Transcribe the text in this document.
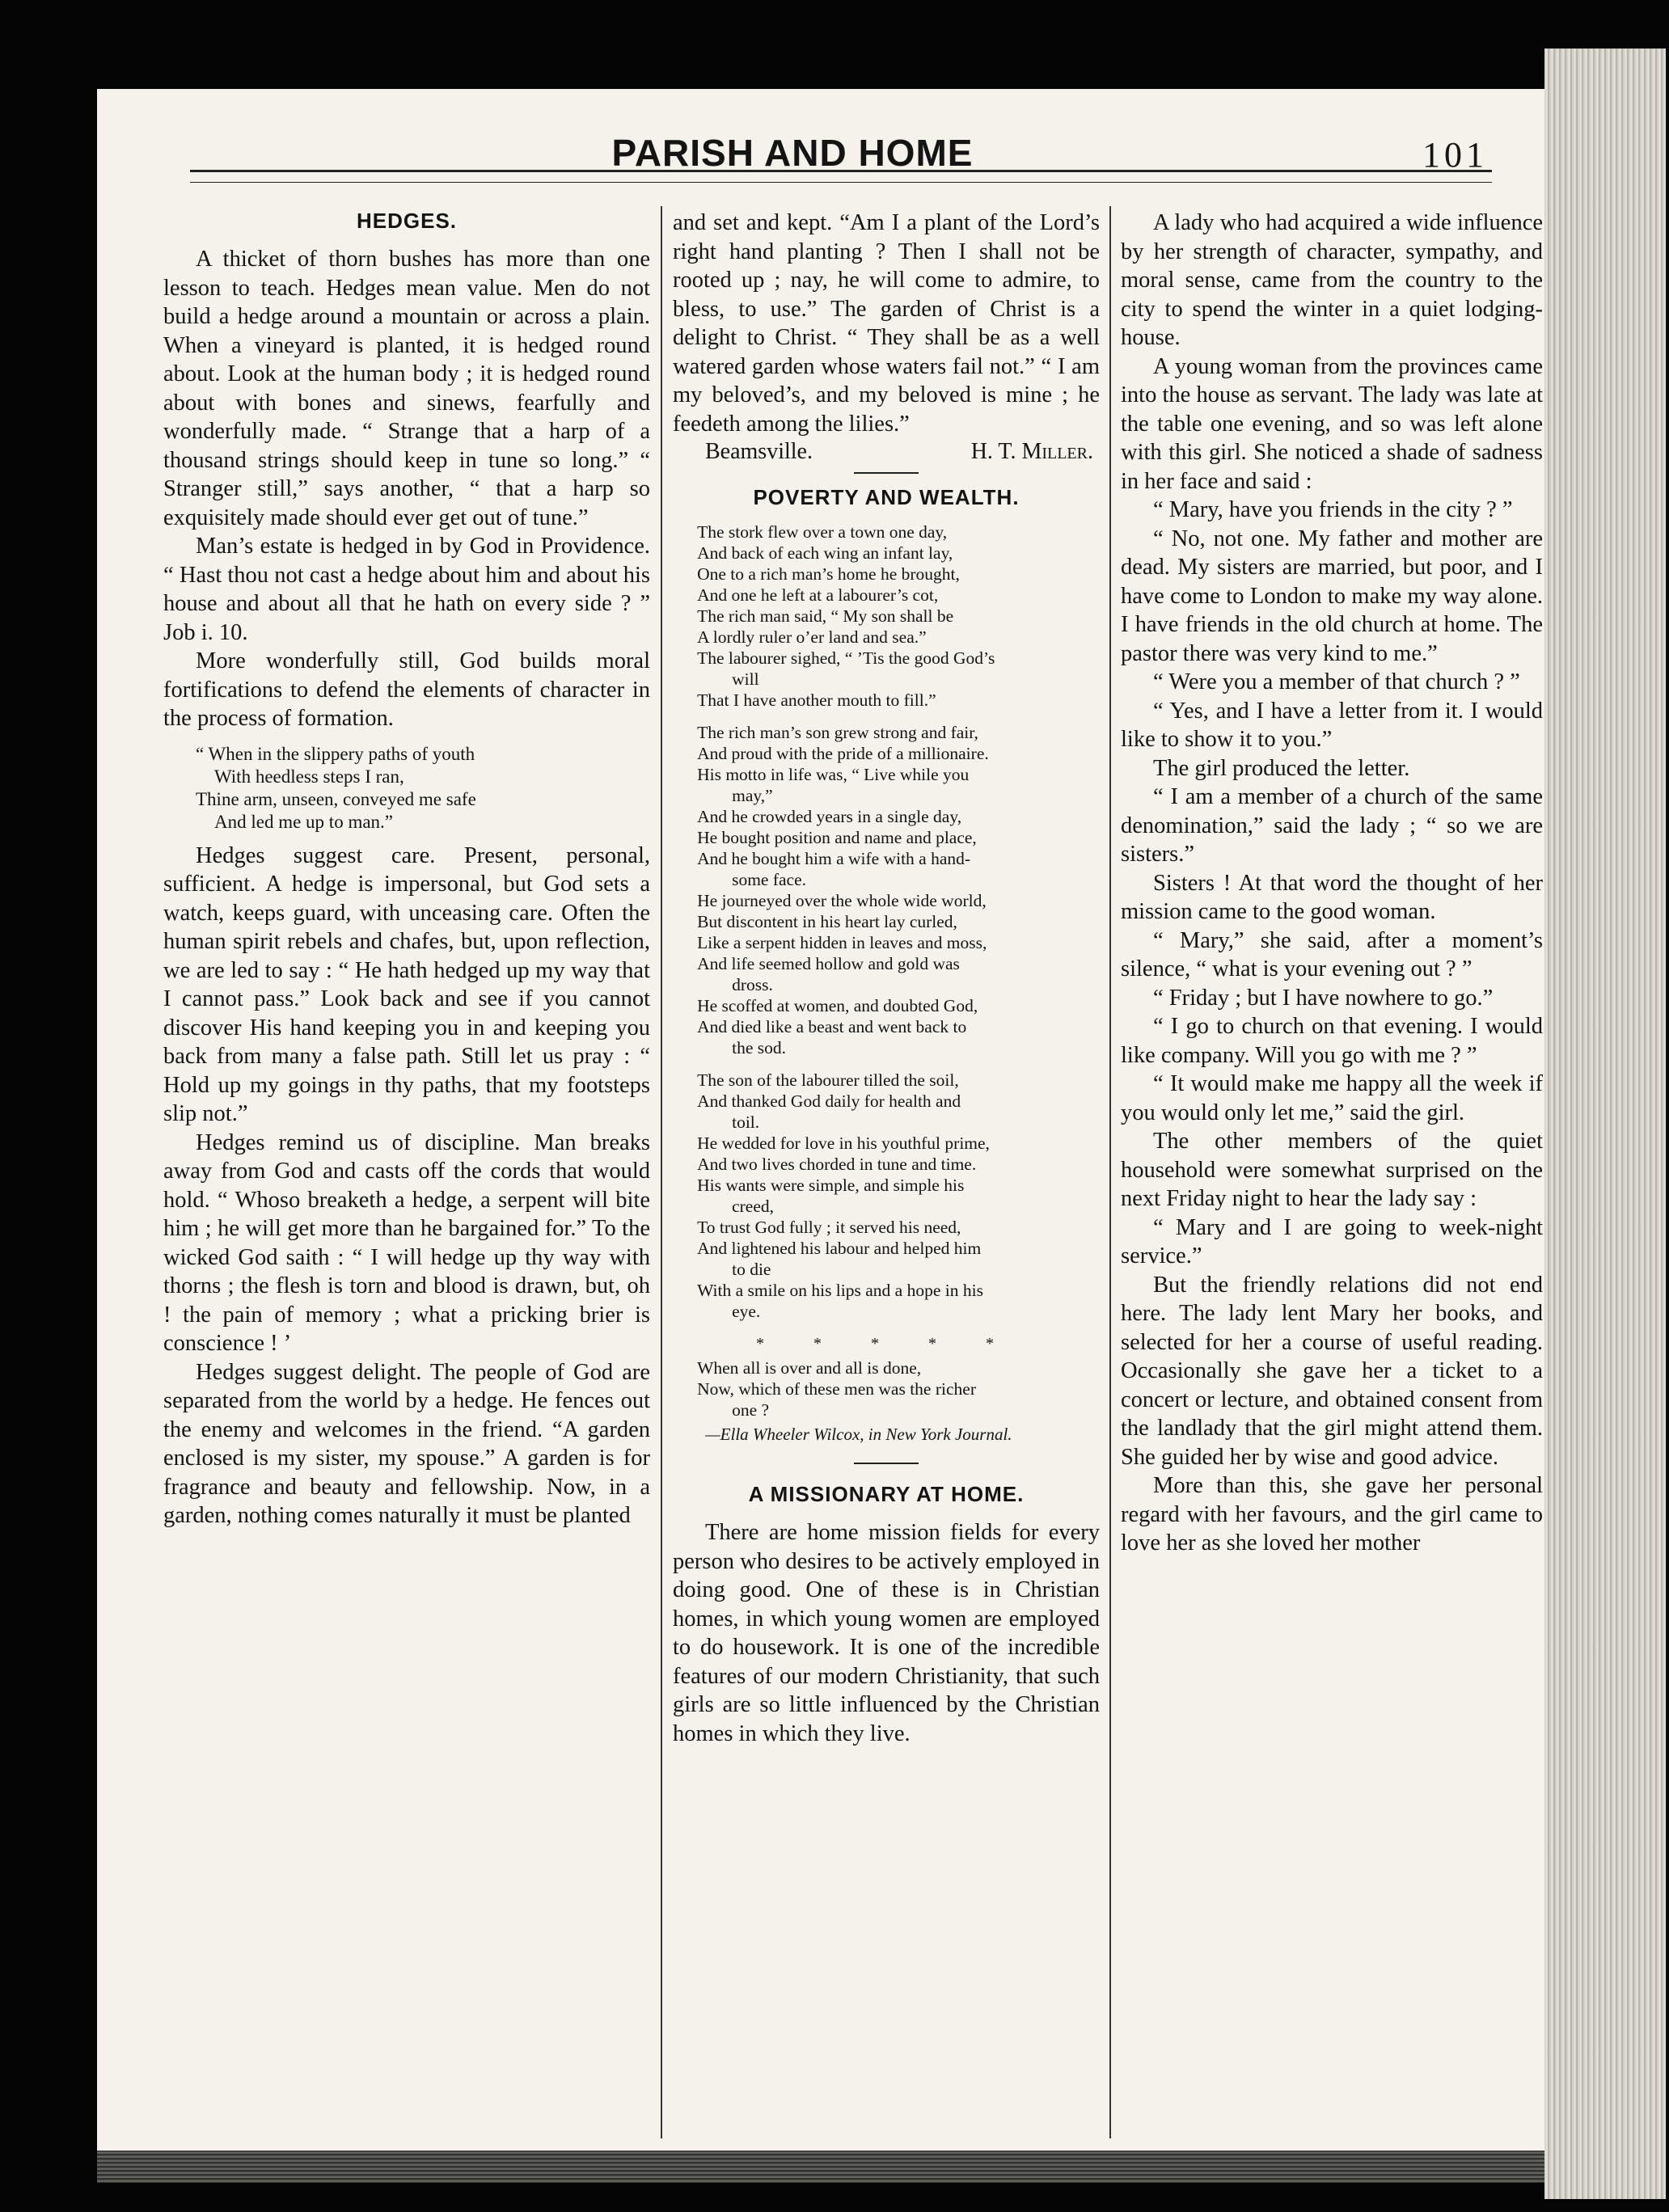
PARISH AND HOME	101
HEDGES.

A thicket of thorn bushes has more than one lesson to teach. Hedges mean value. Men do not build a hedge around a mountain or across a plain. When a vineyard is planted, it is hedged round about. Look at the human body ; it is hedged round about with bones and sinews, fearfully and wonderfully made. “ Strange that a harp of a thousand strings should keep in tune so long.” “ Stranger still,” says another, “ that a harp so exquisitely made should ever get out of tune.”

Man’s estate is hedged in by God in Providence. “ Hast thou not cast a hedge about him and about his house and about all that he hath on every side ? ” Job i. 10.

More wonderfully still, God builds moral fortifications to defend the elements of character in the process of formation.

“ When in the slippery paths of youth
With heedless steps I ran,
Thine arm, unseen, conveyed me safe
And led me up to man.”

Hedges suggest care. Present, personal, sufficient. A hedge is impersonal, but God sets a watch, keeps guard, with unceasing care. Often the human spirit rebels and chafes, but, upon reflection, we are led to say : “ He hath hedged up my way that I cannot pass.” Look back and see if you cannot discover His hand keeping you in and keeping you back from many a false path. Still let us pray : “ Hold up my goings in thy paths, that my footsteps slip not.”

Hedges remind us of discipline. Man breaks away from God and casts off the cords that would hold. “ Whoso breaketh a hedge, a serpent will bite him ; he will get more than he bargained for.” To the wicked God saith : “ I will hedge up thy way with thorns ; the flesh is torn and blood is drawn, but, oh ! the pain of memory ; what a pricking brier is conscience ! ’

Hedges suggest delight. The people of God are separated from the world by a hedge. He fences out the enemy and welcomes in the friend. “A garden enclosed is my sister, my spouse.” A garden is for fragrance and beauty and fellowship. Now, in a garden, nothing comes naturally it must be planted

and set and kept. “Am I a plant of the Lord’s right hand planting ? Then I shall not be rooted up ; nay, he will come to admire, to bless, to use.” The garden of Christ is a delight to Christ. “ They shall be as a well watered garden whose waters fail not.” “ I am my beloved’s, and my beloved is mine ; he feedeth among the lilies.”

Beamsville.	H. T. Miller.
POVERTY AND WEALTH.
The stork flew over a town one day,
And back of each wing an infant lay,
One to a rich man’s home he brought,
And one he left at a labourer’s cot,
The rich man said, “ My son shall be
A lordly ruler o’er land and sea.”
The labourer sighed, “ ’Tis the good God’s
will
That I have another mouth to fill.”
The rich man’s son grew strong and fair,
And proud with the pride of a millionaire.
His motto in life was, “ Live while you
may,”
And he crowded years in a single day,
He bought position and name and place,
And he bought him a wife with a hand-
some face.
He journeyed over the whole wide world,
But discontent in his heart lay curled,
Like a serpent hidden in leaves and moss,
And life seemed hollow and gold was
dross.
He scoffed at women, and doubted God,
And died like a beast and went back to
the sod.
The son of the labourer tilled the soil,
And thanked God daily for health and
toil.
He wedded for love in his youthful prime,
And two lives chorded in tune and time.
His wants were simple, and simple his
creed,
To trust God fully ; it served his need,
And lightened his labour and helped him
to die
With a smile on his lips and a hope in his
eye.
* * * * *
When all is over and all is done,
Now, which of these men was the richer
one ?
—Ella Wheeler Wilcox, in New York Journal.
A MISSIONARY AT HOME.

There are home mission fields for every person who desires to be actively employed in doing good. One of these is in Christian homes, in which young women are employed to do housework. It is one of the incredible features of our modern Christianity, that such girls are so little influenced by the Christian homes in which they live.

A lady who had acquired a wide influence by her strength of character, sympathy, and moral sense, came from the country to the city to spend the winter in a quiet lodging-house.

A young woman from the provinces came into the house as servant. The lady was late at the table one evening, and so was left alone with this girl. She noticed a shade of sadness in her face and said :

“ Mary, have you friends in the city ? ”

“ No, not one. My father and mother are dead. My sisters are married, but poor, and I have come to London to make my way alone. I have friends in the old church at home. The pastor there was very kind to me.”

“ Were you a member of that church ? ”

“ Yes, and I have a letter from it. I would like to show it to you.”

The girl produced the letter.

“ I am a member of a church of the same denomination,” said the lady ; “ so we are sisters.”

Sisters ! At that word the thought of her mission came to the good woman.

“ Mary,” she said, after a moment’s silence, “ what is your evening out ? ”

“ Friday ; but I have nowhere to go.”

“ I go to church on that evening. I would like company. Will you go with me ? ”

“ It would make me happy all the week if you would only let me,” said the girl.

The other members of the quiet household were somewhat surprised on the next Friday night to hear the lady say :

“ Mary and I are going to week-night service.”

But the friendly relations did not end here. The lady lent Mary her books, and selected for her a course of useful reading. Occasionally she gave her a ticket to a concert or lecture, and obtained consent from the landlady that the girl might attend them. She guided her by wise and good advice.

More than this, she gave her personal regard with her favours, and the girl came to love her as she loved her mother
